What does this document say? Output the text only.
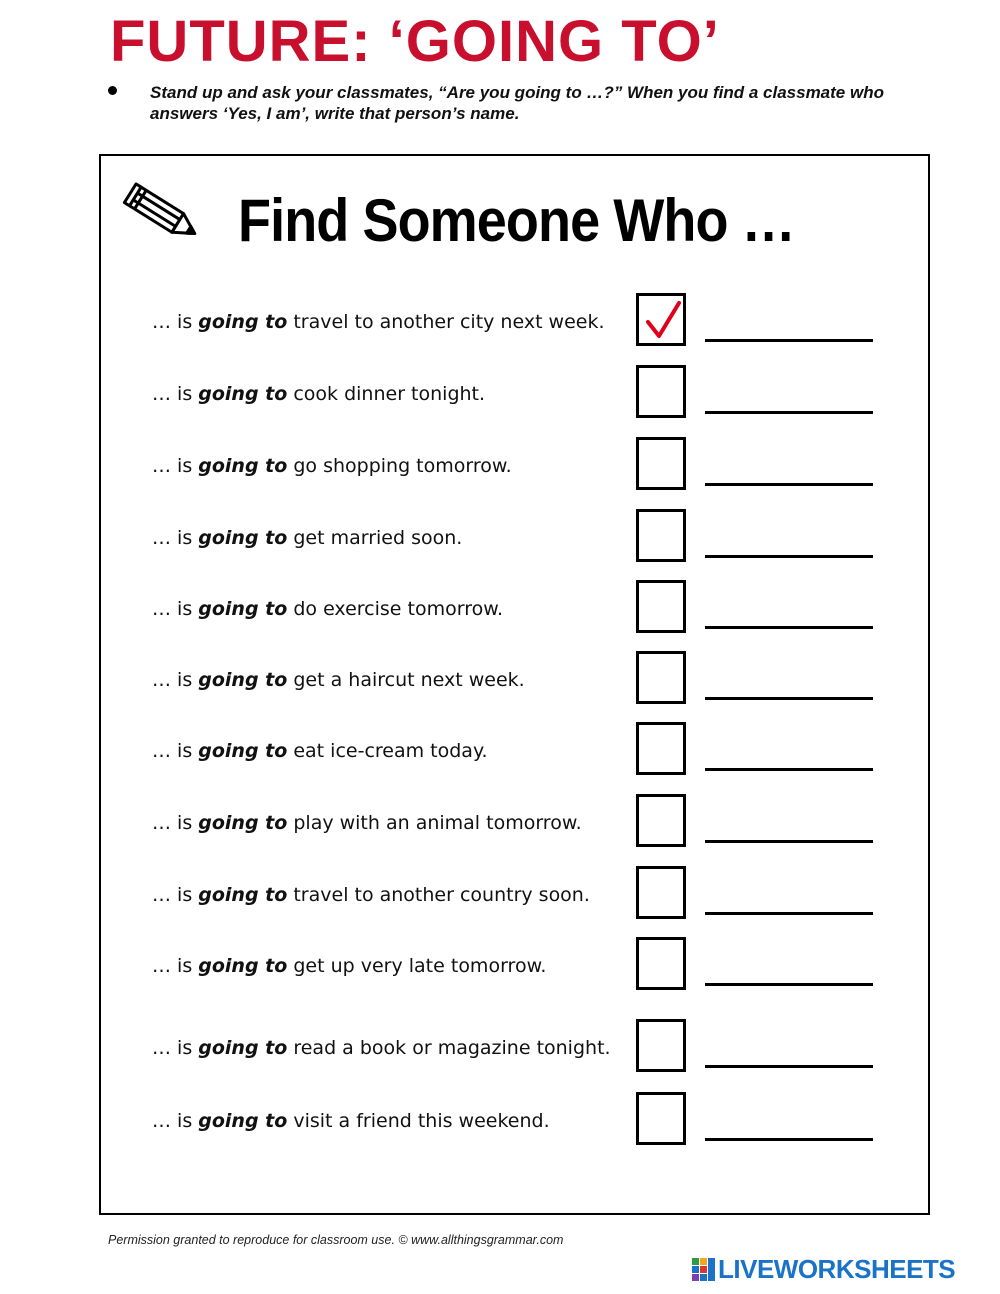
FUTURE: ‘GOING TO’
Stand up and ask your classmates, “Are you going to …?” When you find a classmate who answers ‘Yes, I am’, write that person’s name.
Find Someone Who …
… is going to travel to another city next week.
… is going to cook dinner tonight.
… is going to go shopping tomorrow.
… is going to get married soon.
… is going to do exercise tomorrow.
… is going to get a haircut next week.
… is going to eat ice-cream today.
… is going to play with an animal tomorrow.
… is going to travel to another country soon.
… is going to get up very late tomorrow.
… is going to read a book or magazine tonight.
… is going to visit a friend this weekend.
Permission granted to reproduce for classroom use. © www.allthingsgrammar.com
LIVEWORKSHEETS
